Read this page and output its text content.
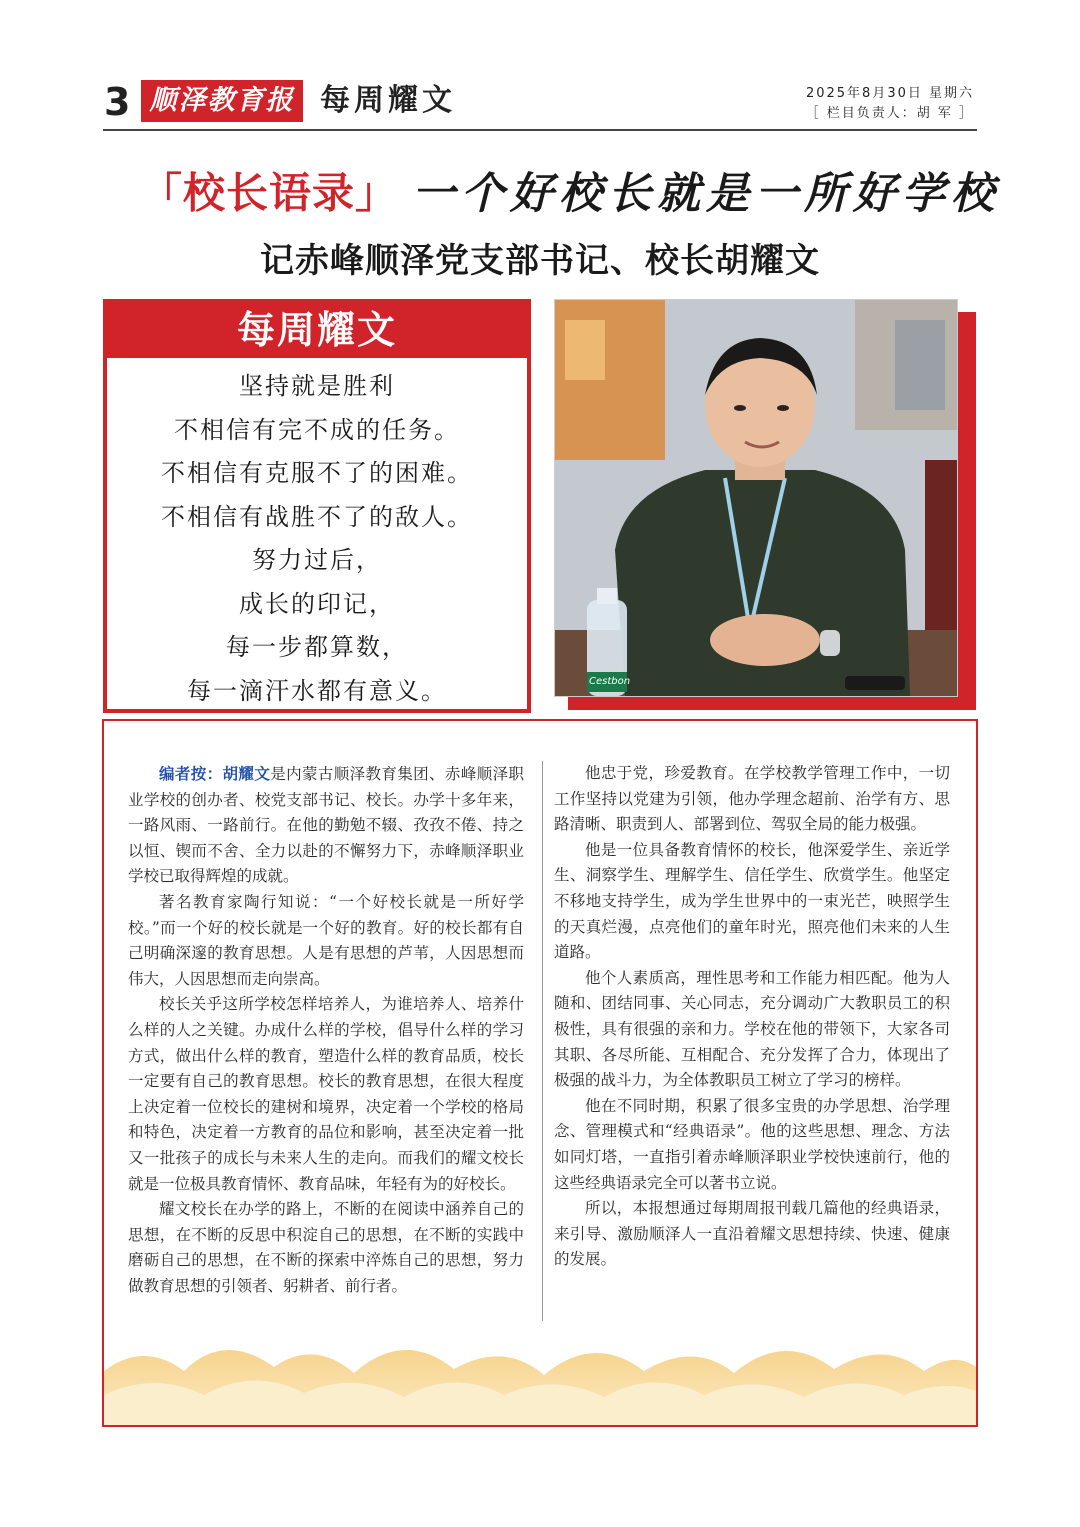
3 顺泽教育报 每周耀文	2025年8月30日 星期六
［ 栏目负责人：胡 军 ］
「校长语录」 一个好校长就是一所好学校
记赤峰顺泽党支部书记、校长胡耀文
每周耀文
坚持就是胜利
不相信有完不成的任务。
不相信有克服不了的困难。
不相信有战胜不了的敌人。
努力过后，
成长的印记，
每一步都算数，
每一滴汗水都有意义。	Cestbon

编者按：胡耀文是内蒙古顺泽教育集团、赤峰顺泽职业学校的创办者、校党支部书记、校长。办学十多年来，一路风雨、一路前行。在他的勤勉不辍、孜孜不倦、持之以恒、锲而不舍、全力以赴的不懈努力下，赤峰顺泽职业学校已取得辉煌的成就。

著名教育家陶行知说：“一个好校长就是一所好学校。”而一个好的校长就是一个好的教育。好的校长都有自己明确深邃的教育思想。人是有思想的芦苇，人因思想而伟大，人因思想而走向崇高。

校长关乎这所学校怎样培养人，为谁培养人、培养什么样的人之关键。办成什么样的学校，倡导什么样的学习方式，做出什么样的教育，塑造什么样的教育品质，校长一定要有自己的教育思想。校长的教育思想，在很大程度上决定着一位校长的建树和境界，决定着一个学校的格局和特色，决定着一方教育的品位和影响，甚至决定着一批又一批孩子的成长与未来人生的走向。而我们的耀文校长就是一位极具教育情怀、教育品味，年轻有为的好校长。

耀文校长在办学的路上，不断的在阅读中涵养自己的思想，在不断的反思中积淀自己的思想，在不断的实践中磨砺自己的思想，在不断的探索中淬炼自己的思想，努力做教育思想的引领者、躬耕者、前行者。

他忠于党，珍爱教育。在学校教学管理工作中，一切工作坚持以党建为引领，他办学理念超前、治学有方、思路清晰、职责到人、部署到位、驾驭全局的能力极强。

他是一位具备教育情怀的校长，他深爱学生、亲近学生、洞察学生、理解学生、信任学生、欣赏学生。他坚定不移地支持学生，成为学生世界中的一束光芒，映照学生的天真烂漫，点亮他们的童年时光，照亮他们未来的人生道路。

他个人素质高，理性思考和工作能力相匹配。他为人随和、团结同事、关心同志，充分调动广大教职员工的积极性，具有很强的亲和力。学校在他的带领下，大家各司其职、各尽所能、互相配合、充分发挥了合力，体现出了极强的战斗力，为全体教职员工树立了学习的榜样。

他在不同时期，积累了很多宝贵的办学思想、治学理念、管理模式和“经典语录”。他的这些思想、理念、方法如同灯塔，一直指引着赤峰顺泽职业学校快速前行，他的这些经典语录完全可以著书立说。

所以，本报想通过每期周报刊载几篇他的经典语录，来引导、激励顺泽人一直沿着耀文思想持续、快速、健康的发展。
